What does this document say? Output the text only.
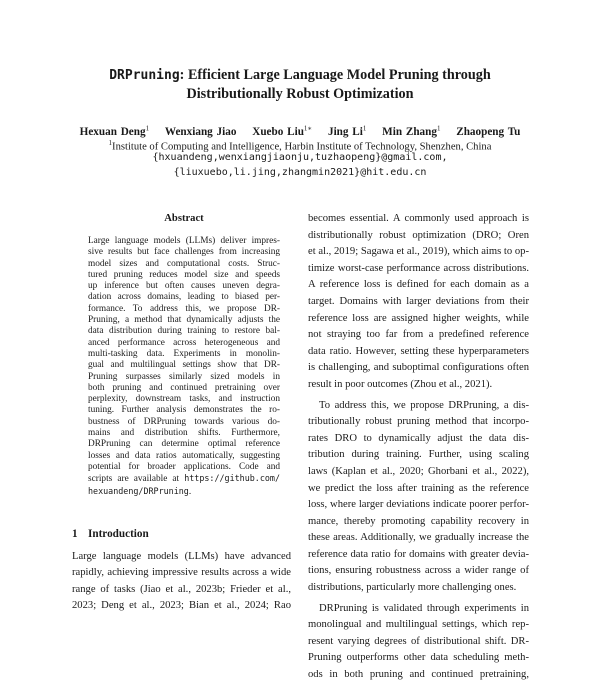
DRPruning: Efficient Large Language Model Pruning through
Distributionally Robust Optimization
Hexuan Deng$^1$ Wenxiang Jiao Xuebo Liu$^{1∗}$ Jing Li$^1$ Min Zhang$^1$ Zhaopeng Tu
$^1$Institute of Computing and Intelligence, Harbin Institute of Technology, Shenzhen, China
{hxuandeng,wenxiangjiaonju,tuzhaopeng}@gmail.com,
{liuxuebo,li.jing,zhangmin2021}@hit.edu.cn
Abstract
Large language models (LLMs) deliver impres-
sive results but face challenges from increasing
model sizes and computational costs. Struc-
tured pruning reduces model size and speeds
up inference but often causes uneven degra-
dation across domains, leading to biased per-
formance. To address this, we propose DR-
Pruning, a method that dynamically adjusts the
data distribution during training to restore bal-
anced performance across heterogeneous and
multi-tasking data. Experiments in monolin-
gual and multilingual settings show that DR-
Pruning surpasses similarly sized models in
both pruning and continued pretraining over
perplexity, downstream tasks, and instruction
tuning. Further analysis demonstrates the ro-
bustness of DRPruning towards various do-
mains and distribution shifts. Furthermore,
DRPruning can determine optimal reference
losses and data ratios automatically, suggesting
potential for broader applications. Code and
scripts are available at https://github.com/
hexuandeng/DRPruning.
1 Introduction
Large language models (LLMs) have advanced
rapidly, achieving impressive results across a wide
range of tasks (Jiao et al., 2023b; Frieder et al.,
2023; Deng et al., 2023; Bian et al., 2024; Rao
becomes essential. A commonly used approach is
distributionally robust optimization (DRO; Oren
et al., 2019; Sagawa et al., 2019), which aims to op-
timize worst-case performance across distributions.
A reference loss is defined for each domain as a
target. Domains with larger deviations from their
reference loss are assigned higher weights, while
not straying too far from a predefined reference
data ratio. However, setting these hyperparameters
is challenging, and suboptimal configurations often
result in poor outcomes (Zhou et al., 2021).
To address this, we propose DRPruning, a dis-
tributionally robust pruning method that incorpo-
rates DRO to dynamically adjust the data dis-
tribution during training. Further, using scaling
laws (Kaplan et al., 2020; Ghorbani et al., 2022),
we predict the loss after training as the reference
loss, where larger deviations indicate poorer perfor-
mance, thereby promoting capability recovery in
these areas. Additionally, we gradually increase the
reference data ratio for domains with greater devia-
tions, ensuring robustness across a wider range of
distributions, particularly more challenging ones.
DRPruning is validated through experiments in
monolingual and multilingual settings, which rep-
resent varying degrees of distributional shift. DR-
Pruning outperforms other data scheduling meth-
ods in both pruning and continued pretraining,
